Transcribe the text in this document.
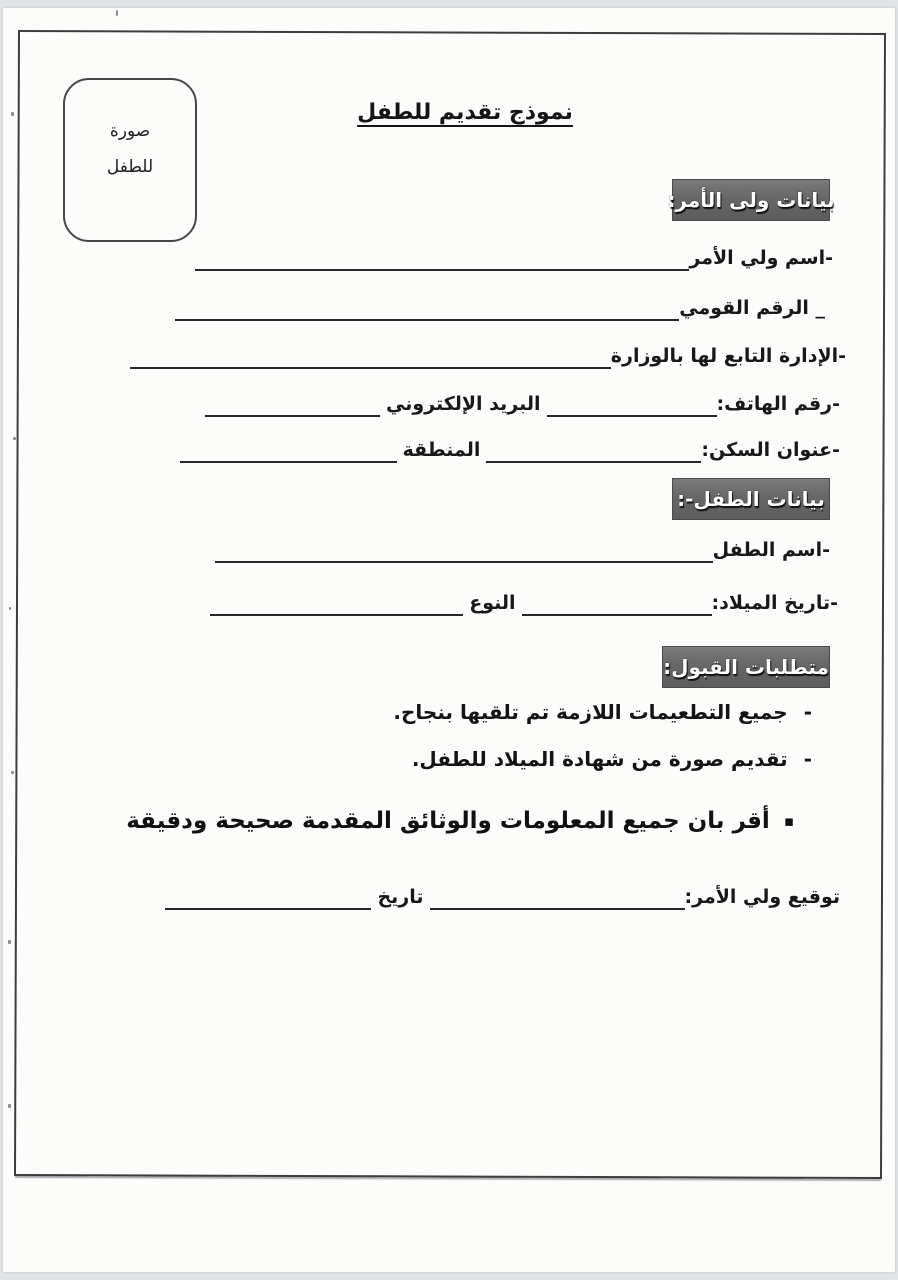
صورة
للطفل
نموذج تقديم للطفل
بيانات ولى الأمر:
-اسم ولي الأمر
_ الرقم القومي
-الإدارة التابع لها بالوزارة
-رقم الهاتف:
البريد الإلكتروني
-عنوان السكن:
المنطقة
بيانات الطفل-:
-اسم الطفل
-تاريخ الميلاد:
النوع
متطلبات القبول:
-
جميع التطعيمات اللازمة تم تلقيها بنجاح.
-
تقديم صورة من شهادة الميلاد للطفل.
▪
أقر بان جميع المعلومات والوثائق المقدمة صحيحة ودقيقة
توقيع ولي الأمر:
تاريخ
